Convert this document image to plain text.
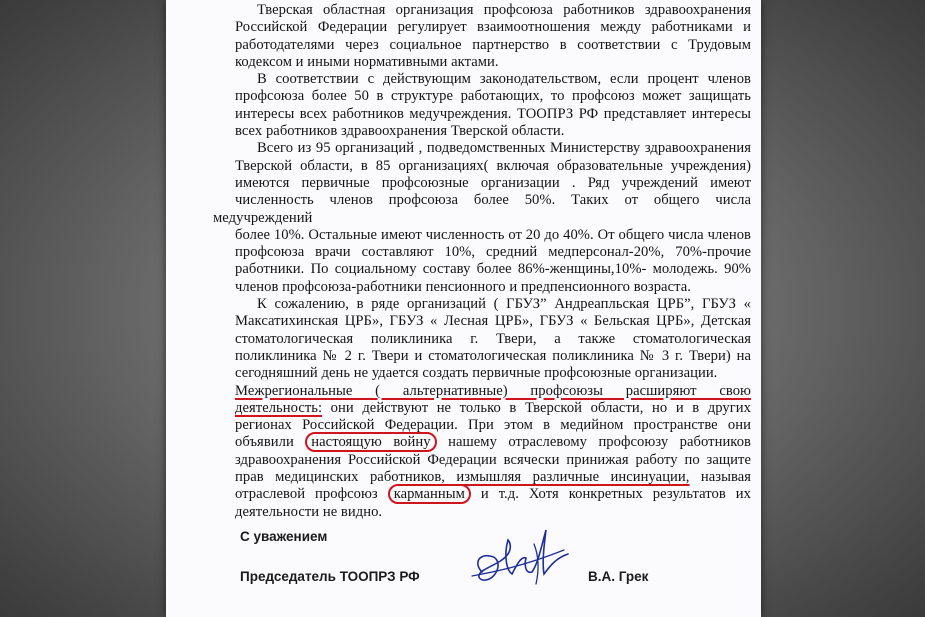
Тверская областная организация профсоюза работников здравоохранения
Российской Федерации регулирует взаимоотношения между работниками и
работодателями через социальное партнерство в соответствии с Трудовым
кодексом и иными нормативными актами.
В соответствии с действующим законодательством, если процент членов
профсоюза более 50 в структуре работающих, то профсоюз может защищать
интересы всех работников медучреждения. ТООПРЗ РФ представляет интересы
всех работников здравоохранения Тверской области.
Всего из 95 организаций , подведомственных Министерству здравоохранения
Тверской области, в 85 организациях( включая образовательные учреждения)
имеются первичные профсоюзные организации . Ряд учреждений имеют
численность членов профсоюза более 50%. Таких от общего числа медучреждений
более 10%. Остальные имеют численность от 20 до 40%. От общего числа членов
профсоюза врачи составляют 10%, средний медперсонал-20%, 70%-прочие
работники. По социальному составу более 86%-женщины,10%- молодежь. 90%
членов профсоюза-работники пенсионного и предпенсионного возраста.
К сожалению, в ряде организаций ( ГБУЗ” Андреапльская ЦРБ”, ГБУЗ «
Максатихинская ЦРБ», ГБУЗ « Лесная ЦРБ», ГБУЗ « Бельская ЦРБ», Детская
стоматологическая поликлиника г. Твери, а также стоматологическая
поликлиника № 2 г. Твери и стоматологическая поликлиника № 3 г. Твери) на
сегодняшний день не удается создать первичные профсоюзные организации.
Межрегиональные ( альтернативные) профсоюзы расширяют свою
деятельность: они действуют не только в Тверской области, но и в других
регионах Российской Федерации. При этом в медийном пространстве они
объявили настоящую войну нашему отраслевому профсоюзу работников
здравоохранения Российской Федерации всячески принижая работу по защите
прав медицинских работников, измышляя различные инсинуации, называя
отраслевой профсоюз карманным и т.д. Хотя конкретных результатов их
деятельности не видно.
С уважением
Председатель ТООПРЗ РФ	В.А. Грек
